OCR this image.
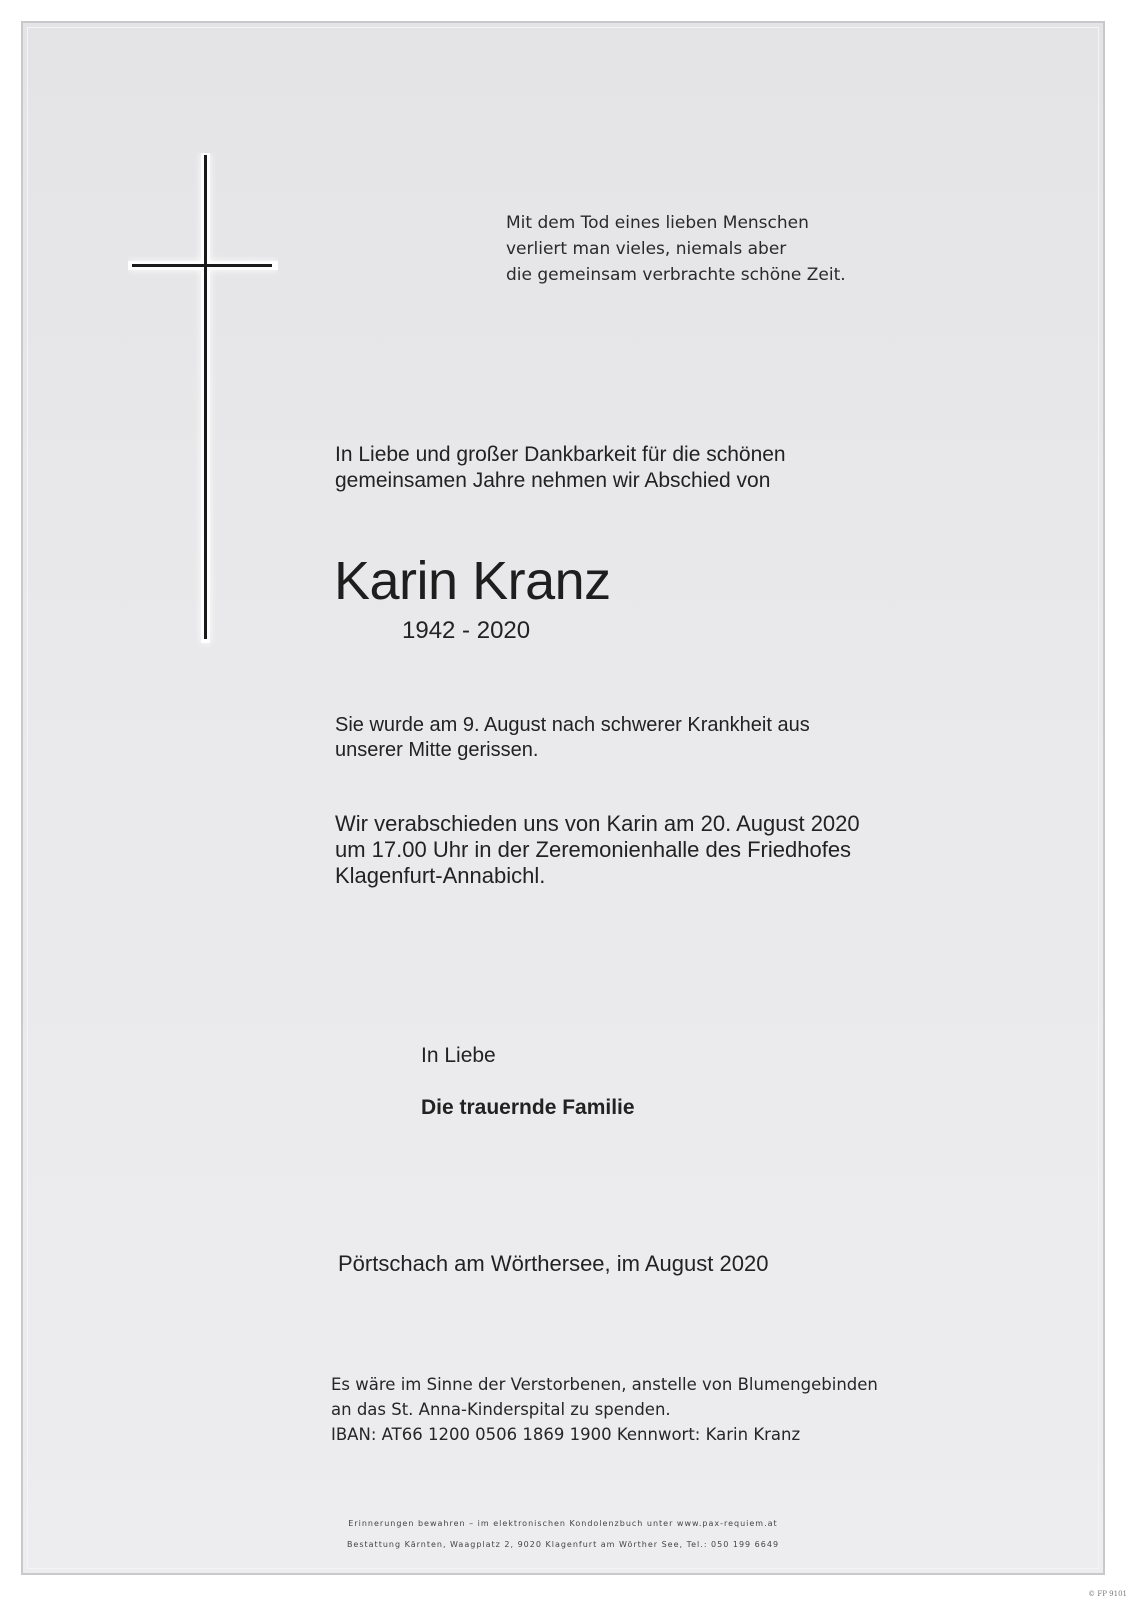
Mit dem Tod eines lieben Menschen
verliert man vieles, niemals aber
die gemeinsam verbrachte schöne Zeit.
In Liebe und großer Dankbarkeit für die schönen
gemeinsamen Jahre nehmen wir Abschied von
Karin Kranz
1942 - 2020
Sie wurde am 9. August nach schwerer Krankheit aus
unserer Mitte gerissen.
Wir verabschieden uns von Karin am 20. August 2020
um 17.00 Uhr in der Zeremonienhalle des Friedhofes
Klagenfurt-Annabichl.
In Liebe
Die trauernde Familie
Pörtschach am Wörthersee, im August 2020
Es wäre im Sinne der Verstorbenen, anstelle von Blumengebinden
an das St. Anna-Kinderspital zu spenden.
IBAN: AT66 1200 0506 1869 1900 Kennwort: Karin Kranz
Erinnerungen bewahren – im elektronischen Kondolenzbuch unter www.pax-requiem.at
Bestattung Kärnten, Waagplatz 2, 9020 Klagenfurt am Wörther See, Tel.: 050 199 6649
© FP 9101
